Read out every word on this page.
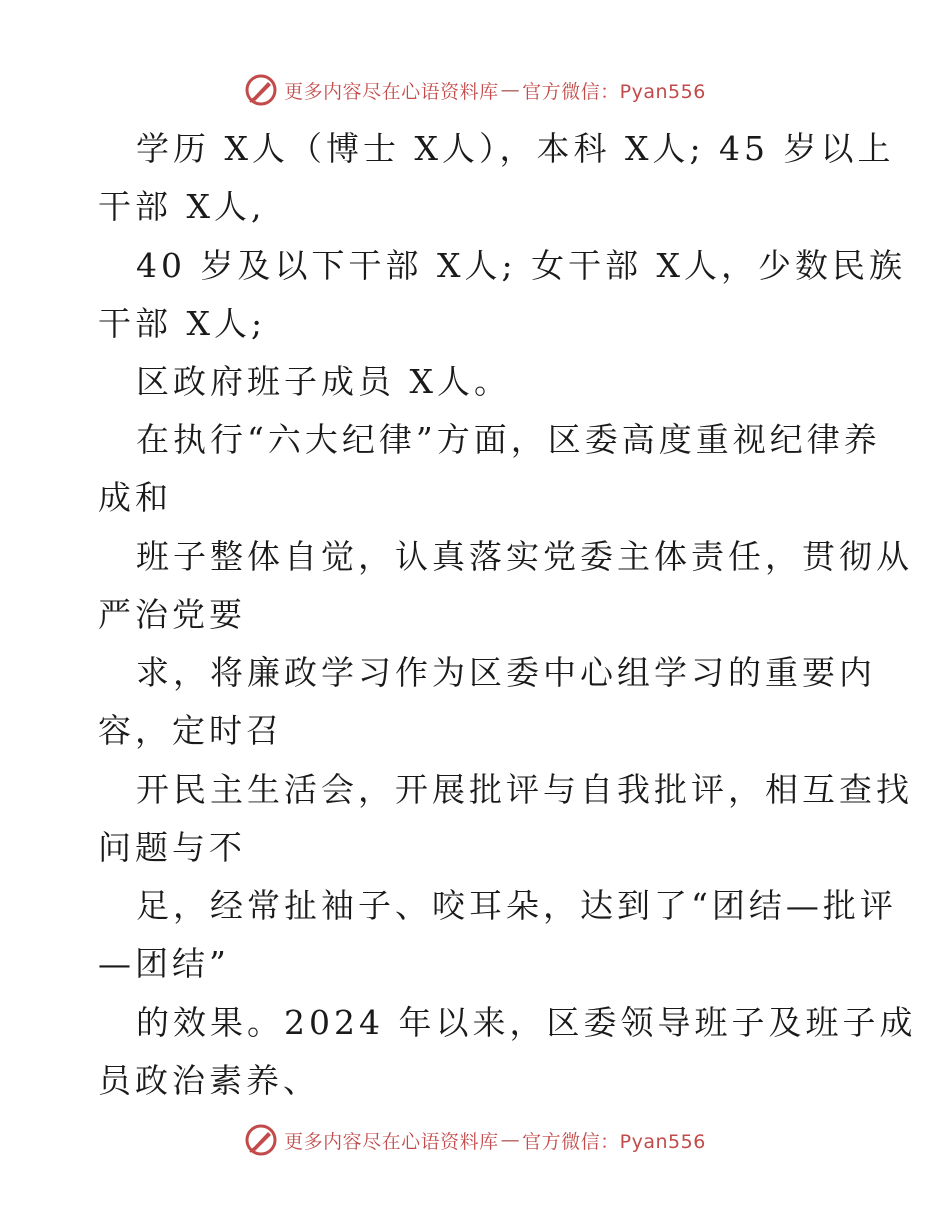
更多内容尽在心语资料库 — 官方微信：Pyan556
学历 X人（博士 X人），本科 X人; 45 岁以上
干部 X人,
40 岁及以下干部 X人; 女干部 X人，少数民族
干部 X人;
区政府班子成员 X人。
在执行“六大纪律”方面，区委高度重视纪律养
成和
班子整体自觉，认真落实党委主体责任，贯彻从
严治党要
求，将廉政学习作为区委中心组学习的重要内
容，定时召
开民主生活会，开展批评与自我批评，相互查找
问题与不
足，经常扯袖子、咬耳朵，达到了“团结—批评
—团结”
的效果。2024 年以来，区委领导班子及班子成
员政治素养、
更多内容尽在心语资料库 — 官方微信：Pyan556
